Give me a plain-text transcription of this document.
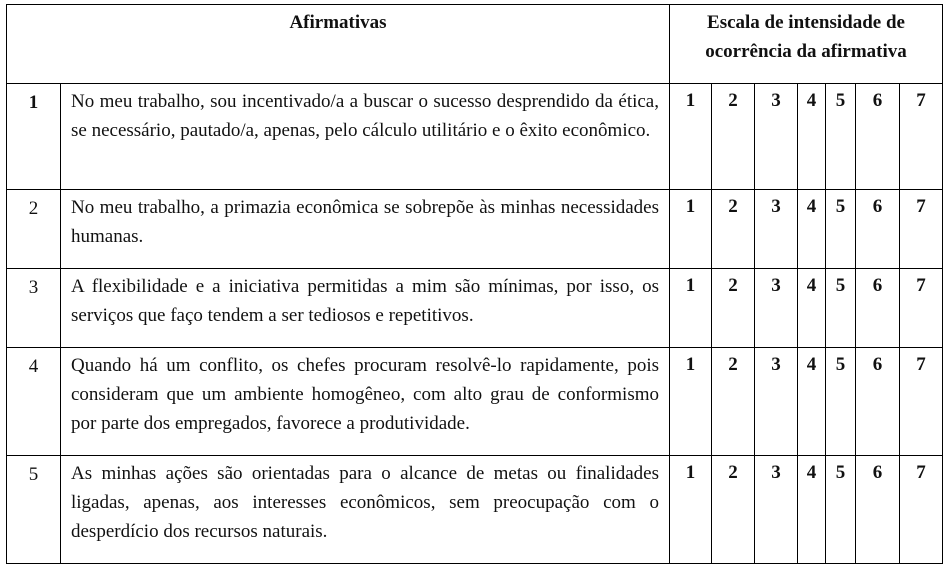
Afirmativas		Escala de intensidade de ocorrência da afirmativa						
1	No meu trabalho, sou incentivado/a a buscar o sucesso desprendido da ética, se necessário, pautado/a, apenas, pelo cálculo utilitário e o êxito econômico.	1	2	3	4	5	6	7
2	No meu trabalho, a primazia econômica se sobrepõe às minhas necessidades humanas.	1	2	3	4	5	6	7
3	A flexibilidade e a iniciativa permitidas a mim são mínimas, por isso, os serviços que faço tendem a ser tediosos e repetitivos.	1	2	3	4	5	6	7
4	Quando há um conflito, os chefes procuram resolvê-lo rapidamente, pois consideram que um ambiente homogêneo, com alto grau de conformismo por parte dos empregados, favorece a produtividade.	1	2	3	4	5	6	7
5	As minhas ações são orientadas para o alcance de metas ou finalidades ligadas, apenas, aos interesses econômicos, sem preocupação com o desperdício dos recursos naturais.	1	2	3	4	5	6	7
